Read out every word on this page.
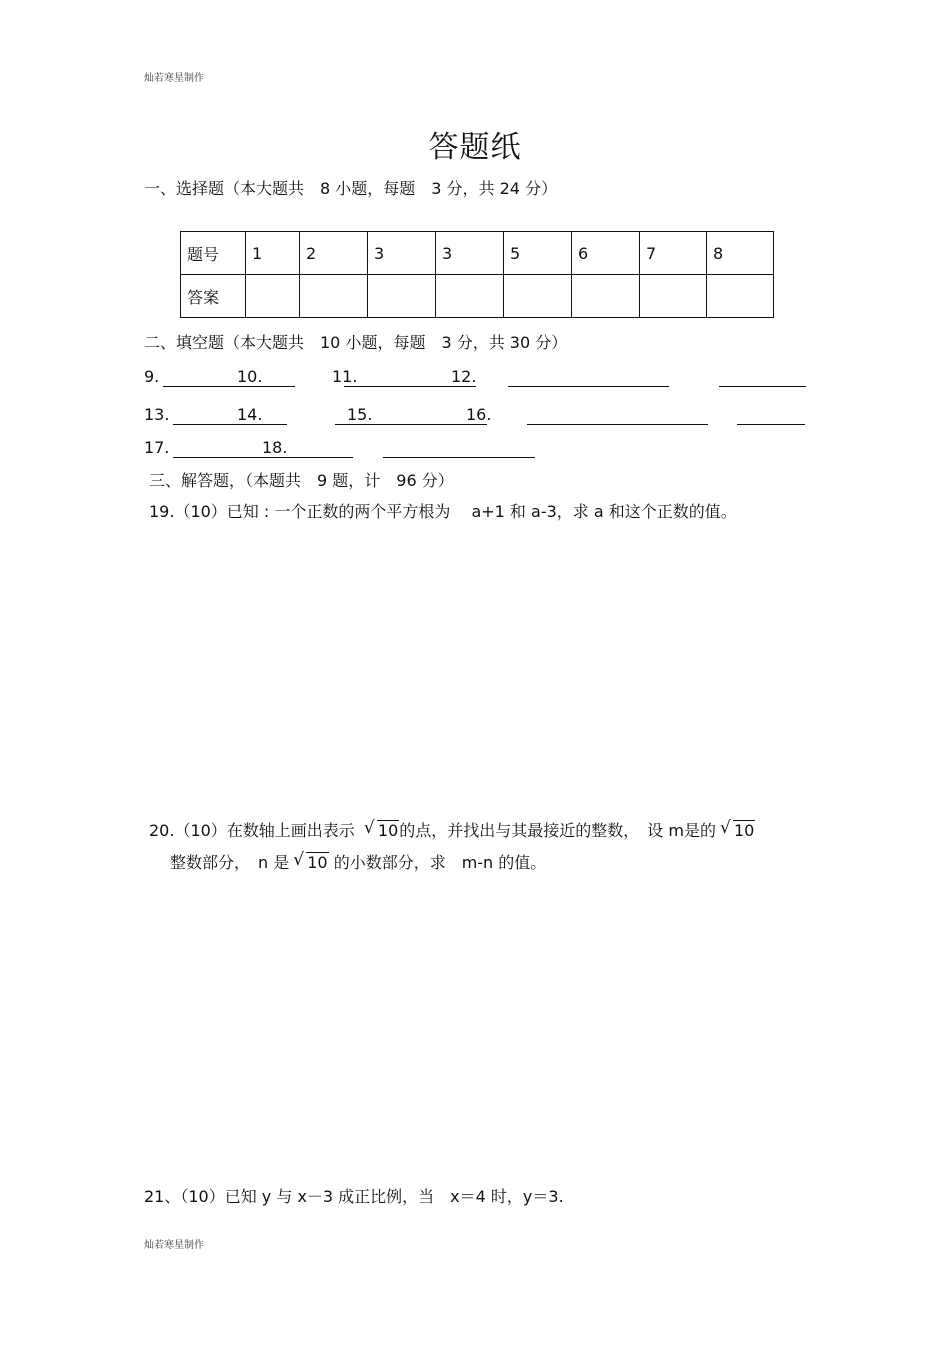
灿若寒星制作
答题纸
一、选择题（本大题共　8 小题，每题　3 分，共 24 分）
题号	1	2	3	3	5	6	7	8
答案								
二、填空题（本大题共　10 小题，每题　3 分，共 30 分）
9.	10.	11.	12.
13.	14.	15.	16.
17.	18.
三、解答题，（本题共　9 题，计　96 分）
19.（10）已知 : 一个正数的两个平方根为　 a+1 和 a-3，求 a 和这个正数的值。
20.（10）在数轴上画出表示 √ 10的点，并找出与其最接近的整数，　设 m是的 √ 10
整数部分，　n 是 √ 10 的小数部分，求　m-n 的值。
21、（10）已知 y 与 x－3 成正比例，当　x＝4 时，y＝3.
灿若寒星制作
